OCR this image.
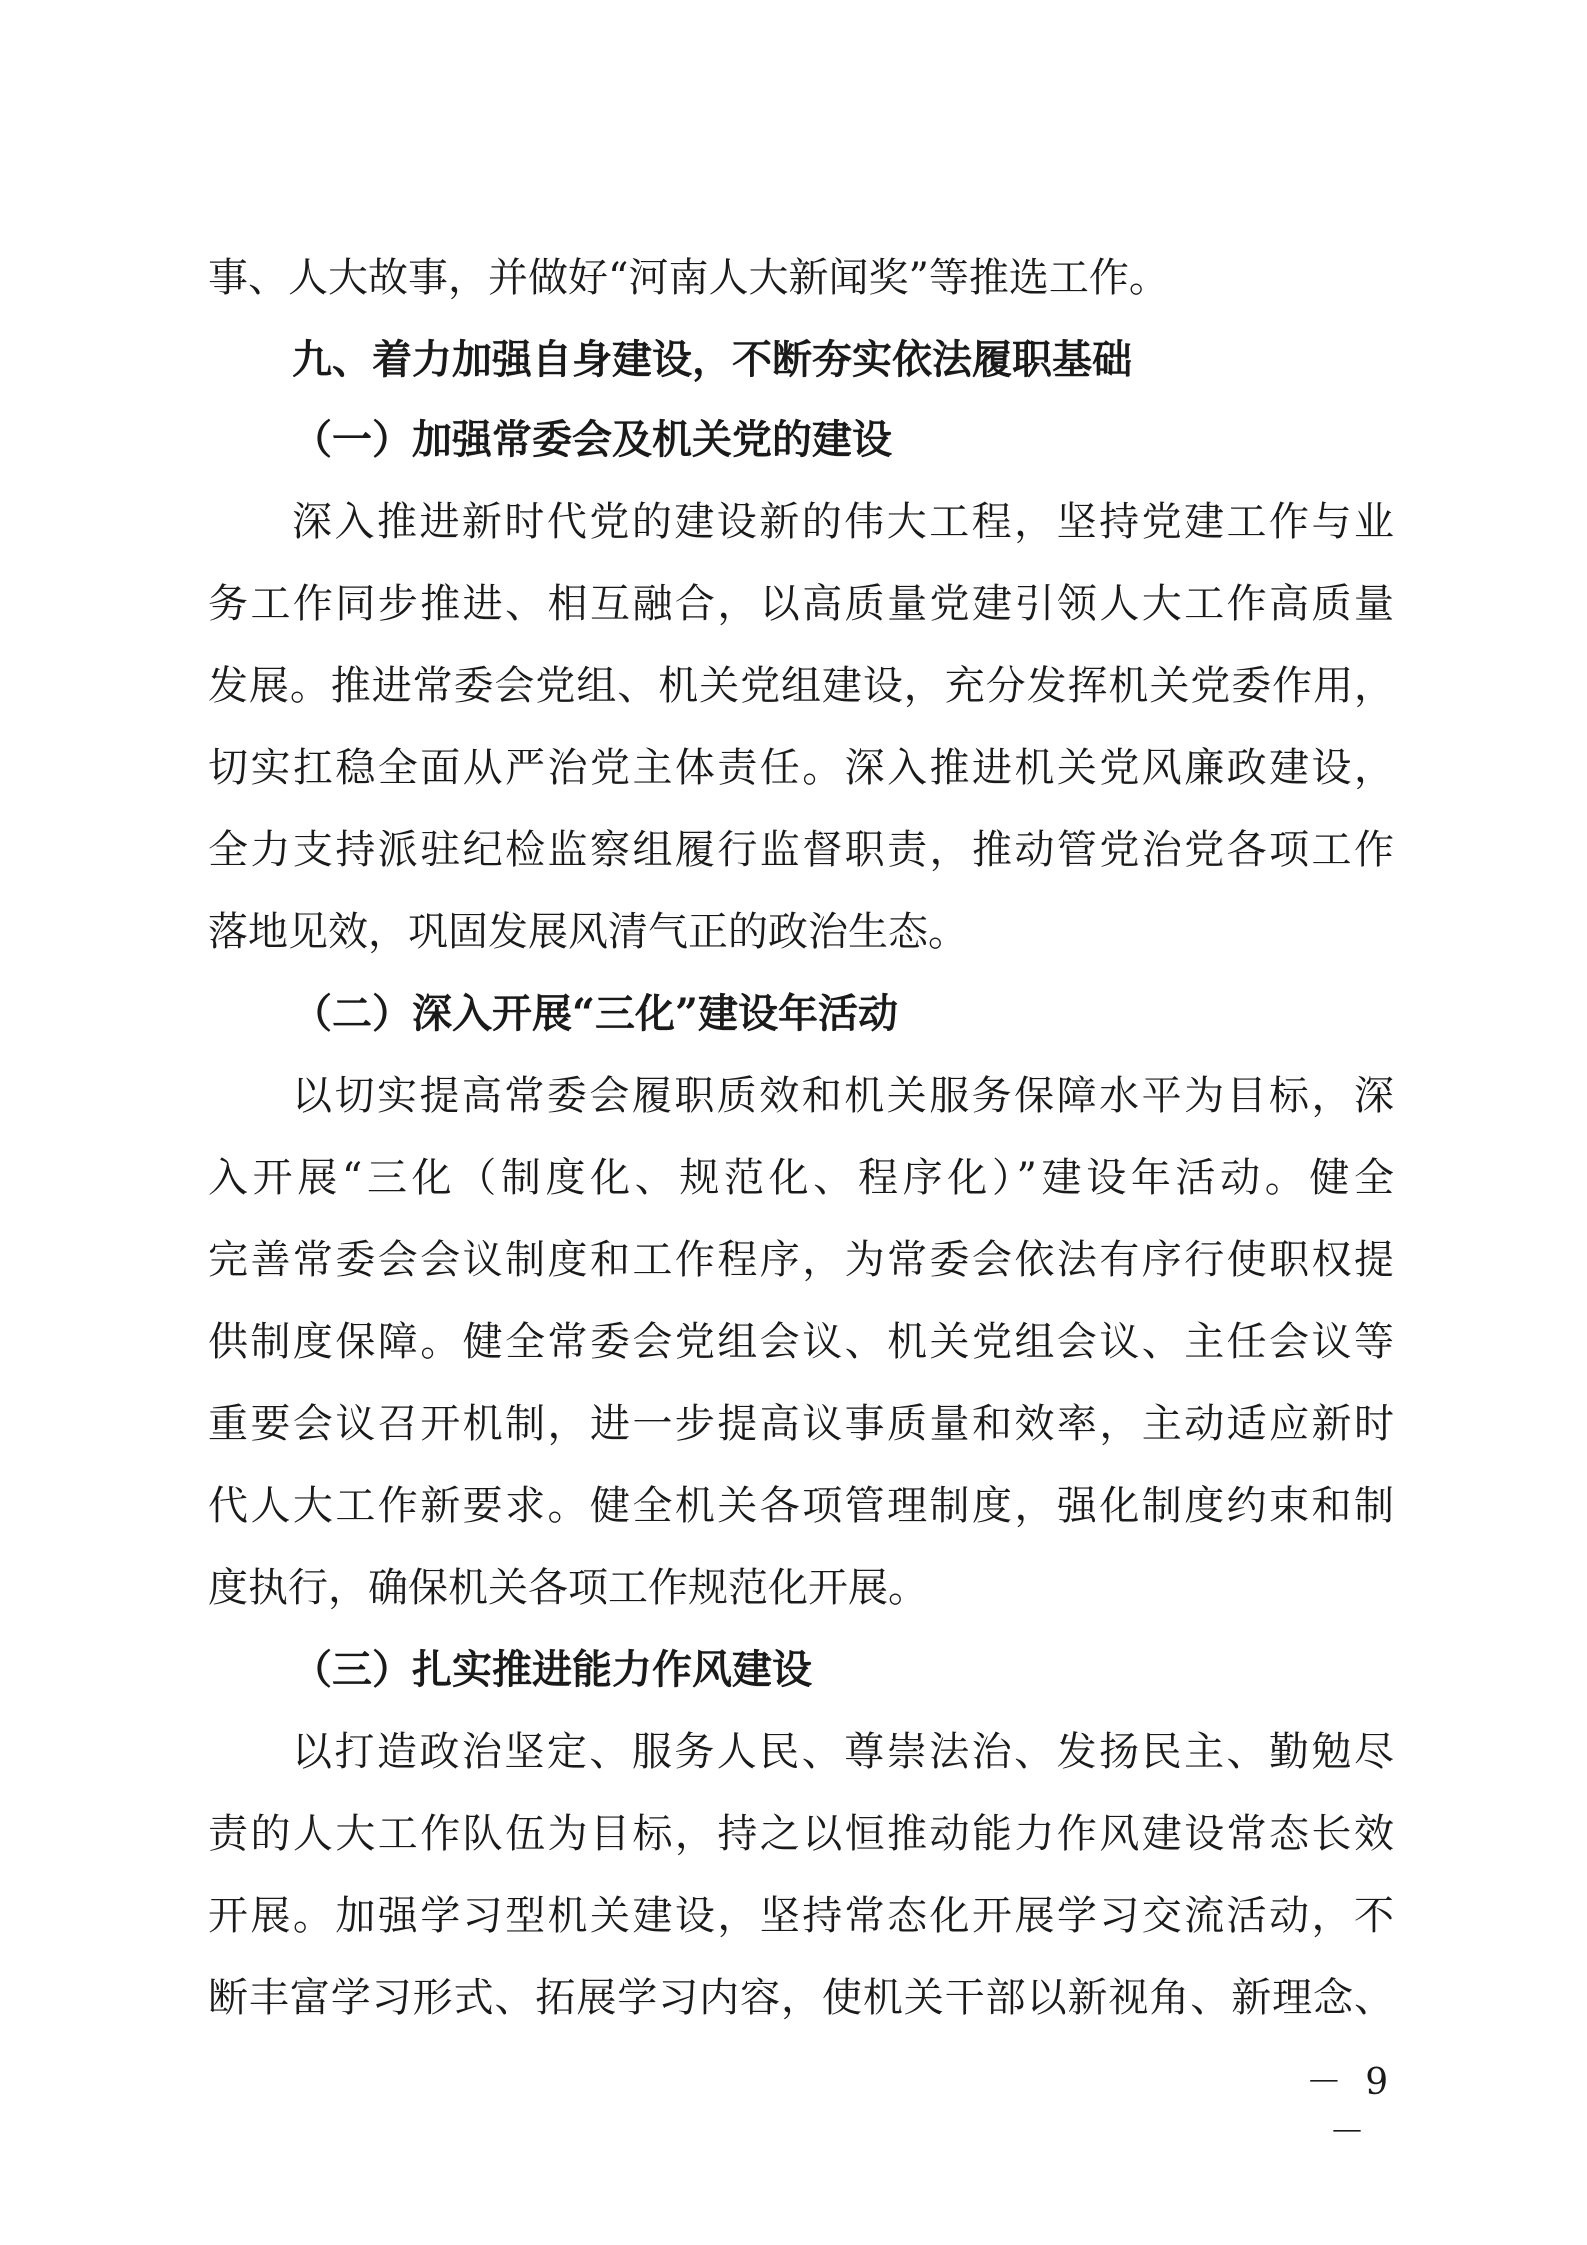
事、人大故事，并做好“河南人大新闻奖”等推选工作。
九、着力加强自身建设，不断夯实依法履职基础
（一）加强常委会及机关党的建设
深入推进新时代党的建设新的伟大工程，坚持党建工作与业
务工作同步推进、相互融合，以高质量党建引领人大工作高质量
发展。推进常委会党组、机关党组建设，充分发挥机关党委作用，
切实扛稳全面从严治党主体责任。深入推进机关党风廉政建设，
全力支持派驻纪检监察组履行监督职责，推动管党治党各项工作
落地见效，巩固发展风清气正的政治生态。
（二）深入开展“三化”建设年活动
以切实提高常委会履职质效和机关服务保障水平为目标，深
入开展“三化（制度化、规范化、程序化）”建设年活动。健全
完善常委会会议制度和工作程序，为常委会依法有序行使职权提
供制度保障。健全常委会党组会议、机关党组会议、主任会议等
重要会议召开机制，进一步提高议事质量和效率，主动适应新时
代人大工作新要求。健全机关各项管理制度，强化制度约束和制
度执行，确保机关各项工作规范化开展。
（三）扎实推进能力作风建设
以打造政治坚定、服务人民、尊崇法治、发扬民主、勤勉尽
责的人大工作队伍为目标，持之以恒推动能力作风建设常态长效
开展。加强学习型机关建设，坚持常态化开展学习交流活动，不
断丰富学习形式、拓展学习内容，使机关干部以新视角、新理念、
－ 9 －
